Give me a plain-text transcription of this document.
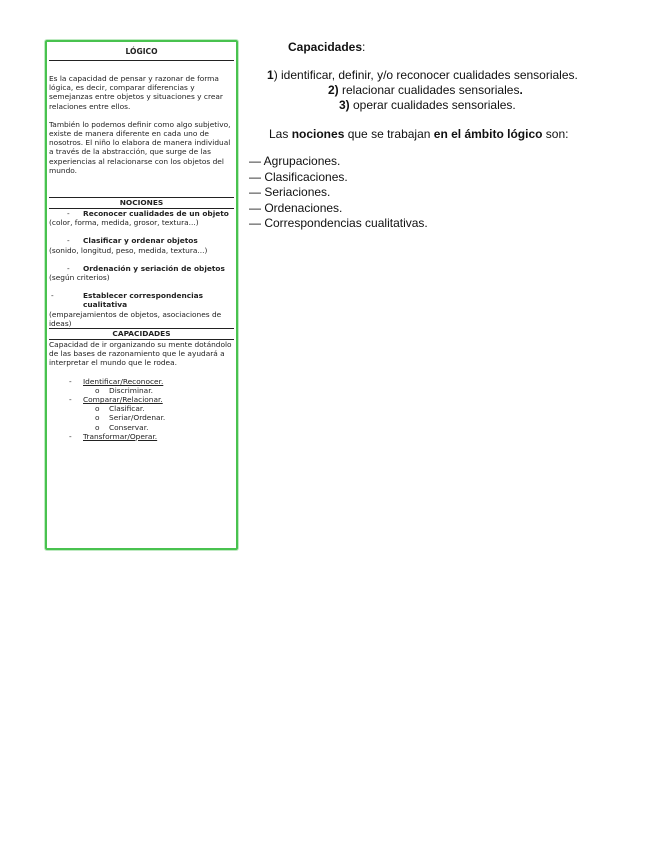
LÓGICO
Es la capacidad de pensar y razonar de forma lógica, es decir, comparar diferencias y semejanzas entre objetos y situaciones y crear relaciones entre ellos.
También lo podemos definir como algo subjetivo, existe de manera diferente en cada uno de nosotros. El niño lo elabora de manera individual a través de la abstracción, que surge de las experiencias al relacionarse con los objetos del mundo.
NOCIONES
- Reconocer cualidades de un objeto
(color, forma, medida, grosor, textura...)
- Clasificar y ordenar objetos
(sonido, longitud, peso, medida, textura...)
- Ordenación y seriación de objetos
(según criterios)
-	Establecer correspondencias cualitativa
(emparejamientos de objetos, asociaciones de ideas)
CAPACIDADES
Capacidad de ir organizando su mente dotándolo de las bases de razonamiento que le ayudará a interpretar el mundo que le rodea.
- Identificar/Reconocer.
o Discriminar.
- Comparar/Relacionar.
o Clasificar.
o Seriar/Ordenar.
o Conservar.
- Transformar/Operar.
Capacidades:
1) identificar, definir, y/o reconocer cualidades sensoriales.
2) relacionar cualidades sensoriales.
3) operar cualidades sensoriales.
Las nociones que se trabajan en el ámbito lógico son:
— Agrupaciones.
— Clasificaciones.
— Seriaciones.
— Ordenaciones.
— Correspondencias cualitativas.
